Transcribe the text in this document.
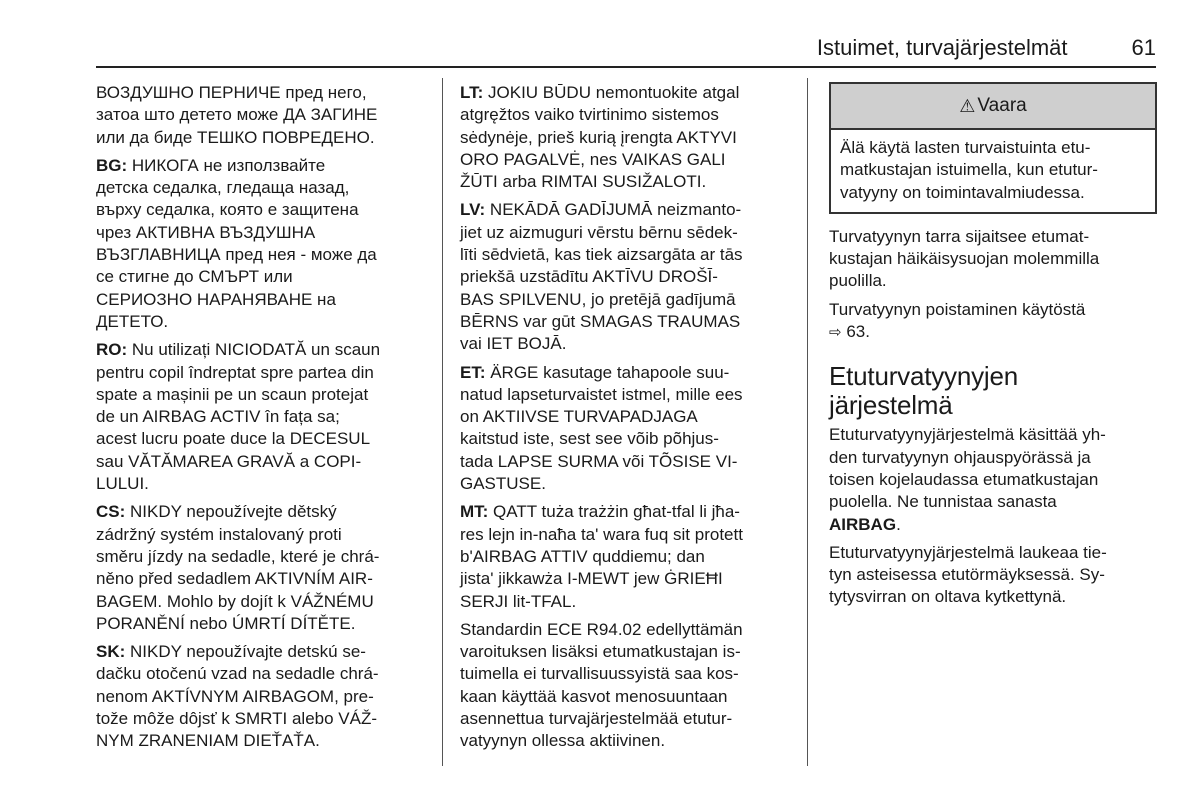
Istuimet, turvajärjestelmät	61

ВОЗДУШНО ПЕРНИЧЕ пред него,
затоа што детето може ДА ЗАГИНЕ
или да биде ТЕШКО ПОВРЕДЕНО.

BG: НИКОГА не използвайте
детска седалка, гледаща назад,
върху седалка, която е защитена
чрез АКТИВНА ВЪЗДУШНА
ВЪЗГЛАВНИЦА пред нея - може да
се стигне до СМЪРТ или
СЕРИОЗНО НАРАНЯВАНЕ на
ДЕТЕТО.

RO: Nu utilizați NICIODATĂ un scaun
pentru copil îndreptat spre partea din
spate a mașinii pe un scaun protejat
de un AIRBAG ACTIV în fața sa;
acest lucru poate duce la DECESUL
sau VĂTĂMAREA GRAVĂ a COPI-
LULUI.

CS: NIKDY nepoužívejte dětský
zádržný systém instalovaný proti
směru jízdy na sedadle, které je chrá-
něno před sedadlem AKTIVNÍM AIR-
BAGEM. Mohlo by dojít k VÁŽNÉMU
PORANĚNÍ nebo ÚMRTÍ DÍTĚTE.

SK: NIKDY nepoužívajte detskú se-
dačku otočenú vzad na sedadle chrá-
nenom AKTÍVNYM AIRBAGOM, pre-
tože môže dôjsť k SMRTI alebo VÁŽ-
NYM ZRANENIAM DIEŤAŤA.

LT: JOKIU BŪDU nemontuokite atgal
atgręžtos vaiko tvirtinimo sistemos
sėdynėje, prieš kurią įrengta AKTYVI
ORO PAGALVĖ, nes VAIKAS GALI
ŽŪTI arba RIMTAI SUSIŽALOTI.

LV: NEKĀDĀ GADĪJUMĀ neizmanto-
jiet uz aizmuguri vērstu bērnu sēdek-
līti sēdvietā, kas tiek aizsargāta ar tās
priekšā uzstādītu AKTĪVU DROŠĪ-
BAS SPILVENU, jo pretējā gadījumā
BĒRNS var gūt SMAGAS TRAUMAS
vai IET BOJĀ.

ET: ÄRGE kasutage tahapoole suu-
natud lapseturvaistet istmel, mille ees
on AKTIIVSE TURVAPADJAGA
kaitstud iste, sest see võib põhjus-
tada LAPSE SURMA või TÕSISE VI-
GASTUSE.

MT: QATT tuża trażżin għat-tfal li jħa-
res lejn in-naħa ta' wara fuq sit protett
b'AIRBAG ATTIV quddiemu; dan
jista' jikkawża I-MEWT jew ĠRIEĦI
SERJI lit-TFAL.

Standardin ECE R94.02 edellyttämän
varoituksen lisäksi etumatkustajan is-
tuimella ei turvallisuussyistä saa kos-
kaan käyttää kasvot menosuuntaan
asennettua turvajärjestelmää etutur-
vatyynyn ollessa aktiivinen.

⚠ Vaara
Älä käytä lasten turvaistuinta etu-
matkustajan istuimella, kun etutur-
vatyyny on toimintavalmiudessa.

Turvatyynyn tarra sijaitsee etumat-
kustajan häikäisysuojan molemmilla
puolilla.

Turvatyynyn poistaminen käytöstä
⇨ 63.

Etuturvatyynyjen
järjestelmä

Etuturvatyynyjärjestelmä käsittää yh-
den turvatyynyn ohjauspyörässä ja
toisen kojelaudassa etumatkustajan
puolella. Ne tunnistaa sanasta
AIRBAG.

Etuturvatyynyjärjestelmä laukeaa tie-
tyn asteisessa etutörmäyksessä. Sy-
tytysvirran on oltava kytkettynä.
